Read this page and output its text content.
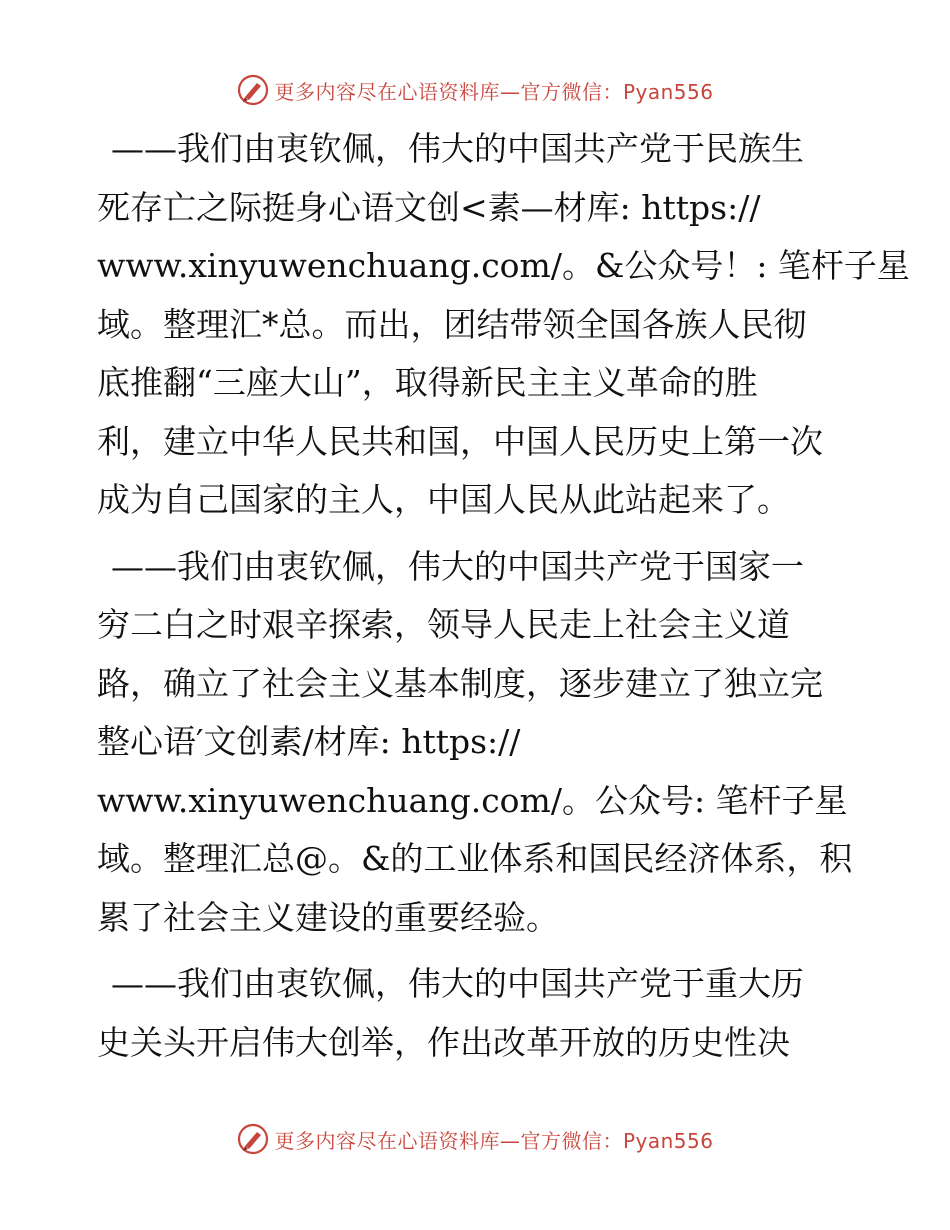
更多内容尽在心语资料库—官方微信：Pyan556
——我们由衷钦佩，伟大的中国共产党于民族生
死存亡之际挺身心语文创<素—材库: https://
www.xinyuwenchuang.com/。&公众号！: 笔杆子星
域。整理汇*总。而出，团结带领全国各族人民彻
底推翻“三座大山”，取得新民主主义革命的胜
利，建立中华人民共和国，中国人民历史上第一次
成为自己国家的主人，中国人民从此站起来了。
——我们由衷钦佩，伟大的中国共产党于国家一
穷二白之时艰辛探索，领导人民走上社会主义道
路，确立了社会主义基本制度，逐步建立了独立完
整心语′文创素/材库: https://
www.xinyuwenchuang.com/。公众号: 笔杆子星
域。整理汇总@。&的工业体系和国民经济体系，积
累了社会主义建设的重要经验。
——我们由衷钦佩，伟大的中国共产党于重大历
史关头开启伟大创举，作出改革开放的历史性决
更多内容尽在心语资料库—官方微信：Pyan556
